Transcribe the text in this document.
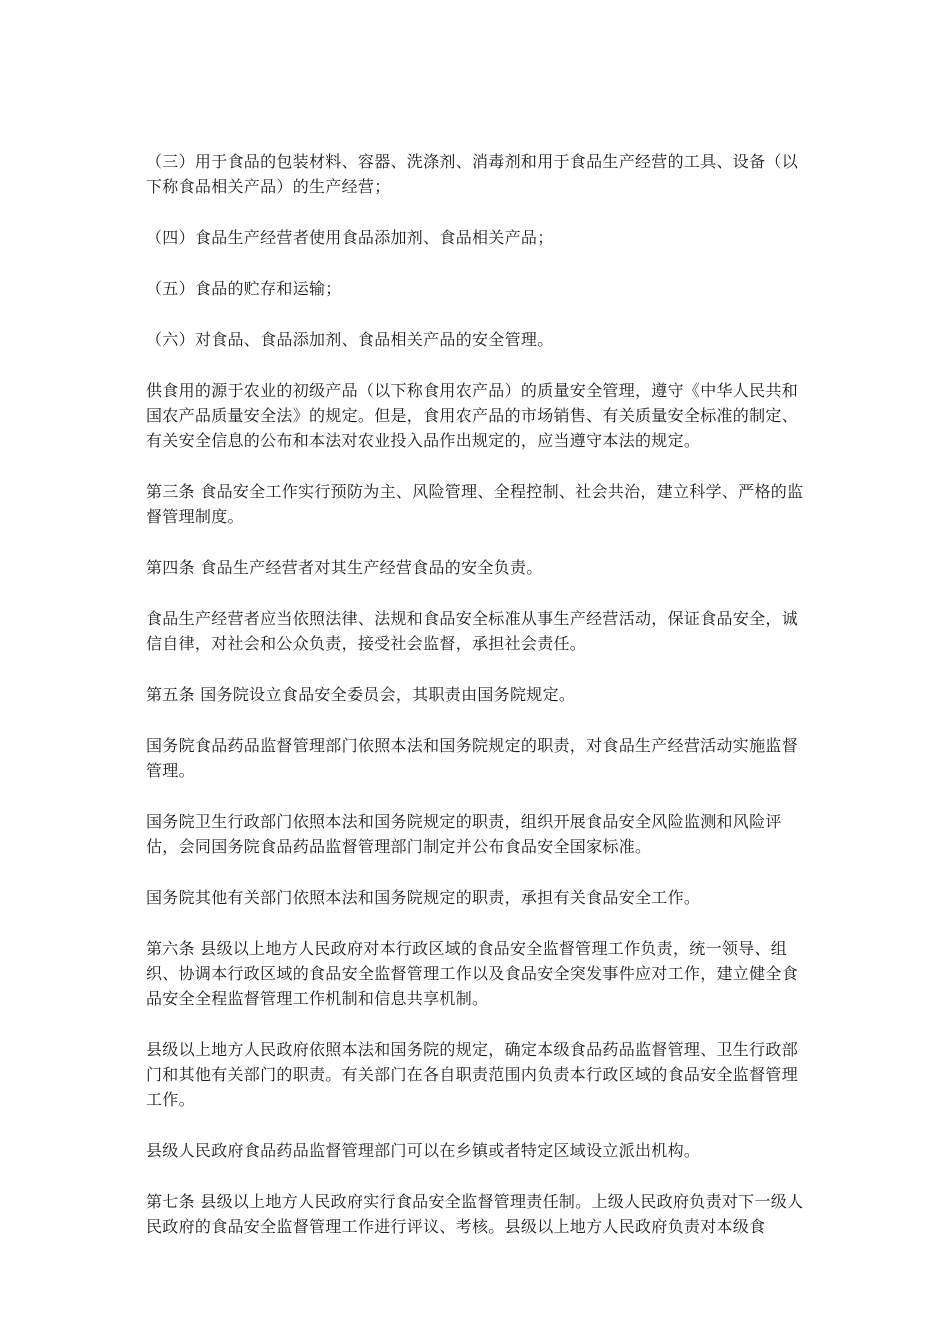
（三）用于食品的包装材料、容器、洗涤剂、消毒剂和用于食品生产经营的工具、设备（以下称食品相关产品）的生产经营；

（四）食品生产经营者使用食品添加剂、食品相关产品；

（五）食品的贮存和运输；

（六）对食品、食品添加剂、食品相关产品的安全管理。

供食用的源于农业的初级产品（以下称食用农产品）的质量安全管理，遵守《中华人民共和国农产品质量安全法》的规定。但是，食用农产品的市场销售、有关质量安全标准的制定、有关安全信息的公布和本法对农业投入品作出规定的，应当遵守本法的规定。

第三条 食品安全工作实行预防为主、风险管理、全程控制、社会共治，建立科学、严格的监督管理制度。

第四条 食品生产经营者对其生产经营食品的安全负责。

食品生产经营者应当依照法律、法规和食品安全标准从事生产经营活动，保证食品安全，诚信自律，对社会和公众负责，接受社会监督，承担社会责任。

第五条 国务院设立食品安全委员会，其职责由国务院规定。

国务院食品药品监督管理部门依照本法和国务院规定的职责，对食品生产经营活动实施监督管理。

国务院卫生行政部门依照本法和国务院规定的职责，组织开展食品安全风险监测和风险评估，会同国务院食品药品监督管理部门制定并公布食品安全国家标准。

国务院其他有关部门依照本法和国务院规定的职责，承担有关食品安全工作。

第六条 县级以上地方人民政府对本行政区域的食品安全监督管理工作负责，统一领导、组织、协调本行政区域的食品安全监督管理工作以及食品安全突发事件应对工作，建立健全食品安全全程监督管理工作机制和信息共享机制。

县级以上地方人民政府依照本法和国务院的规定，确定本级食品药品监督管理、卫生行政部门和其他有关部门的职责。有关部门在各自职责范围内负责本行政区域的食品安全监督管理工作。

县级人民政府食品药品监督管理部门可以在乡镇或者特定区域设立派出机构。

第七条 县级以上地方人民政府实行食品安全监督管理责任制。上级人民政府负责对下一级人民政府的食品安全监督管理工作进行评议、考核。县级以上地方人民政府负责对本级食
